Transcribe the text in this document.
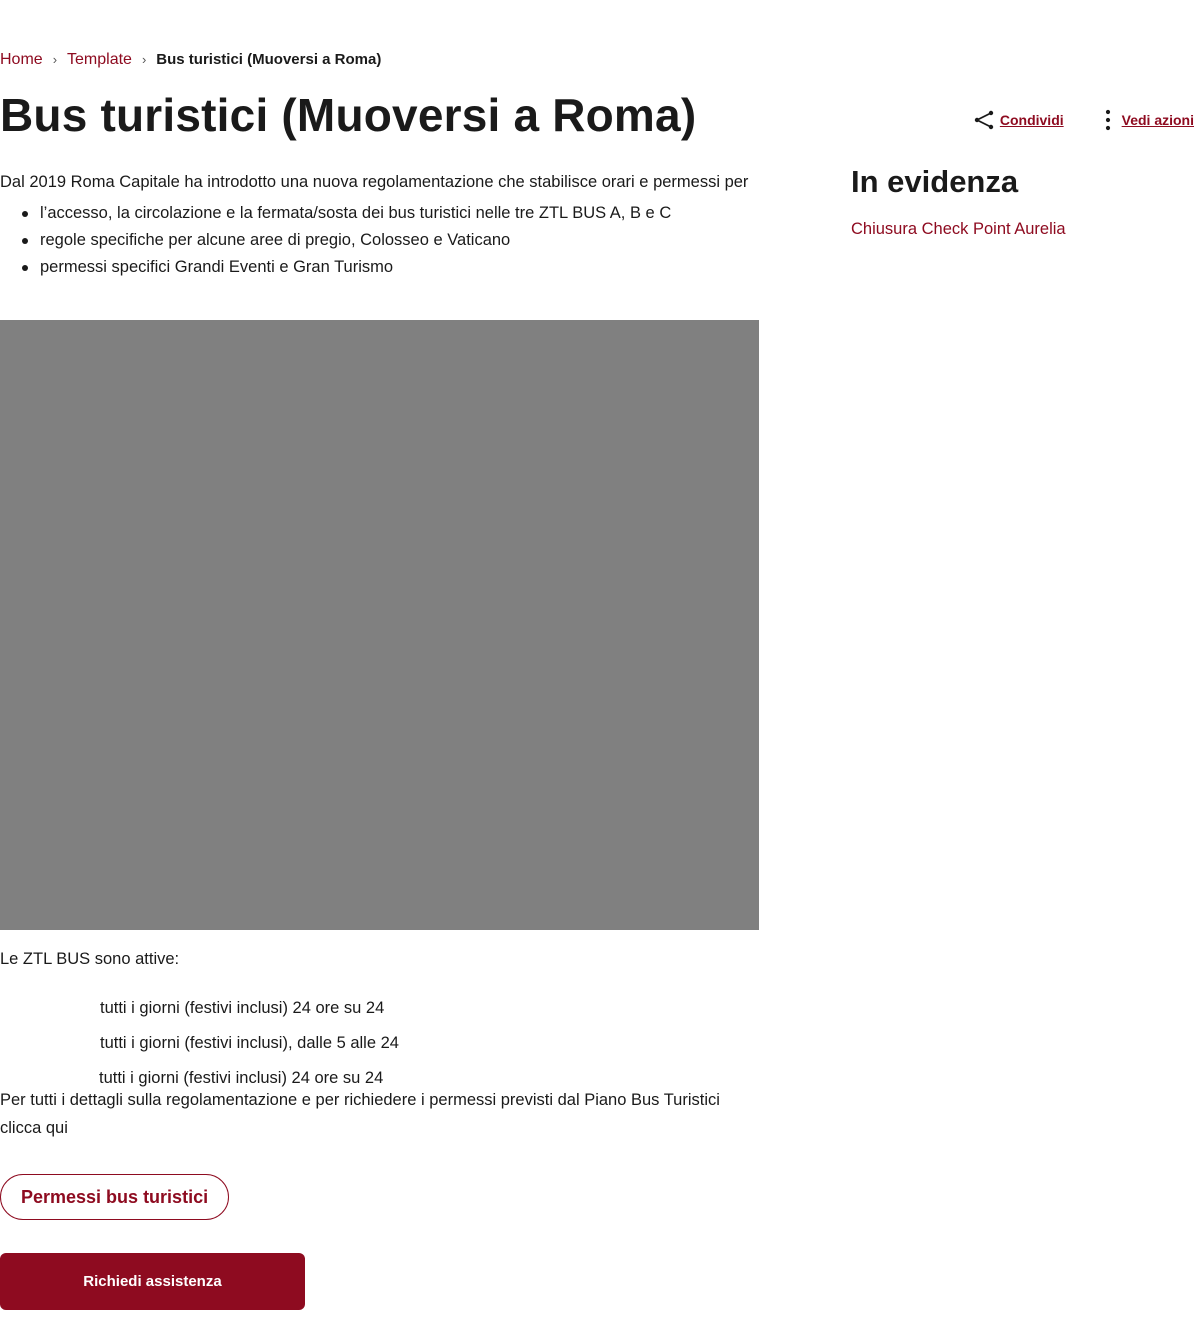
Home › Template › Bus turistici (Muoversi a Roma)
Bus turistici (Muoversi a Roma)	Condividi	Vedi azioni

Dal 2019 Roma Capitale ha introdotto una nuova regolamentazione che stabilisce orari e permessi per

l’accesso, la circolazione e la fermata/sosta dei bus turistici nelle tre ZTL BUS A, B e C
regole specifiche per alcune aree di pregio, Colosseo e Vaticano
permessi specifici Grandi Eventi e Gran Turismo

Le ZTL BUS sono attive:

tutti i giorni (festivi inclusi) 24 ore su 24

tutti i giorni (festivi inclusi), dalle 5 alle 24

tutti i giorni (festivi inclusi) 24 ore su 24

Per tutti i dettagli sulla regolamentazione e per richiedere i permessi previsti dal Piano Bus Turistici clicca qui

Permessi bus turistici
Richiedi assistenza
In evidenza
Chiusura Check Point Aurelia
